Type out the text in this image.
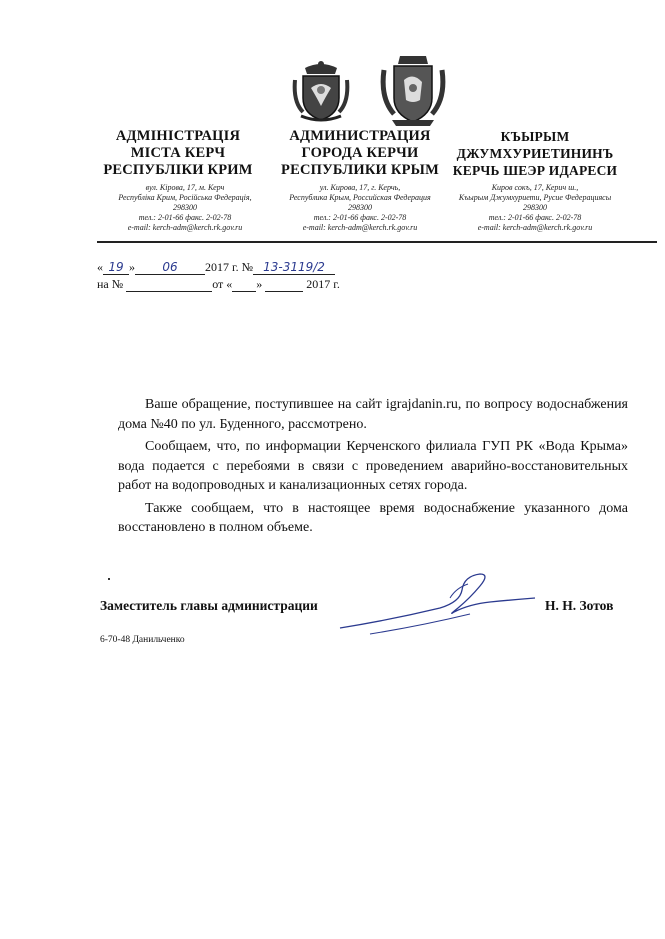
АДМІНІСТРАЦІЯ
МІСТА КЕРЧ
РЕСПУБЛІКИ КРИМ
вул. Кірова, 17, м. Керч
Республіка Крим, Російська Федерація,
298300
тел.: 2-01-66 факс. 2-02-78
e-mail: kerch-adm@kerch.rk.gov.ru
АДМИНИСТРАЦИЯ
ГОРОДА КЕРЧИ
РЕСПУБЛИКИ КРЫМ
ул. Кирова, 17, г. Керчь,
Республика Крым, Российская Федерация
298300
тел.: 2-01-66 факс. 2-02-78
e-mail: kerch-adm@kerch.rk.gov.ru
КЪЫРЫМ
ДЖУМХУРИЕТИНИНЪ
КЕРЧЬ ШЕЭР ИДАРЕСИ
Киров сокъ, 17, Керич ш.,
Къырым Джумхуриети, Русие Федерациясы
298300
тел.: 2-01-66 факс. 2-02-78
e-mail: kerch-adm@kerch.rk.gov.ru
« 19 » 06 2017 г. № 13-3119/2
на №	от « »	2017 г.

Ваше обращение, поступившее на сайт igrajdanin.ru, по вопросу водоснабжения дома №40 по ул. Буденного, рассмотрено.

Сообщаем, что, по информации Керченского филиала ГУП РК «Вода Крыма» вода подается с перебоями в связи с проведением аварийно-восстановительных работ на водопроводных и канализационных сетях города.

Также сообщаем, что в настоящее время водоснабжение указанного дома восстановлено в полном объеме.

Заместитель главы администрации	Н. Н. Зотов
6-70-48 Данильченко
